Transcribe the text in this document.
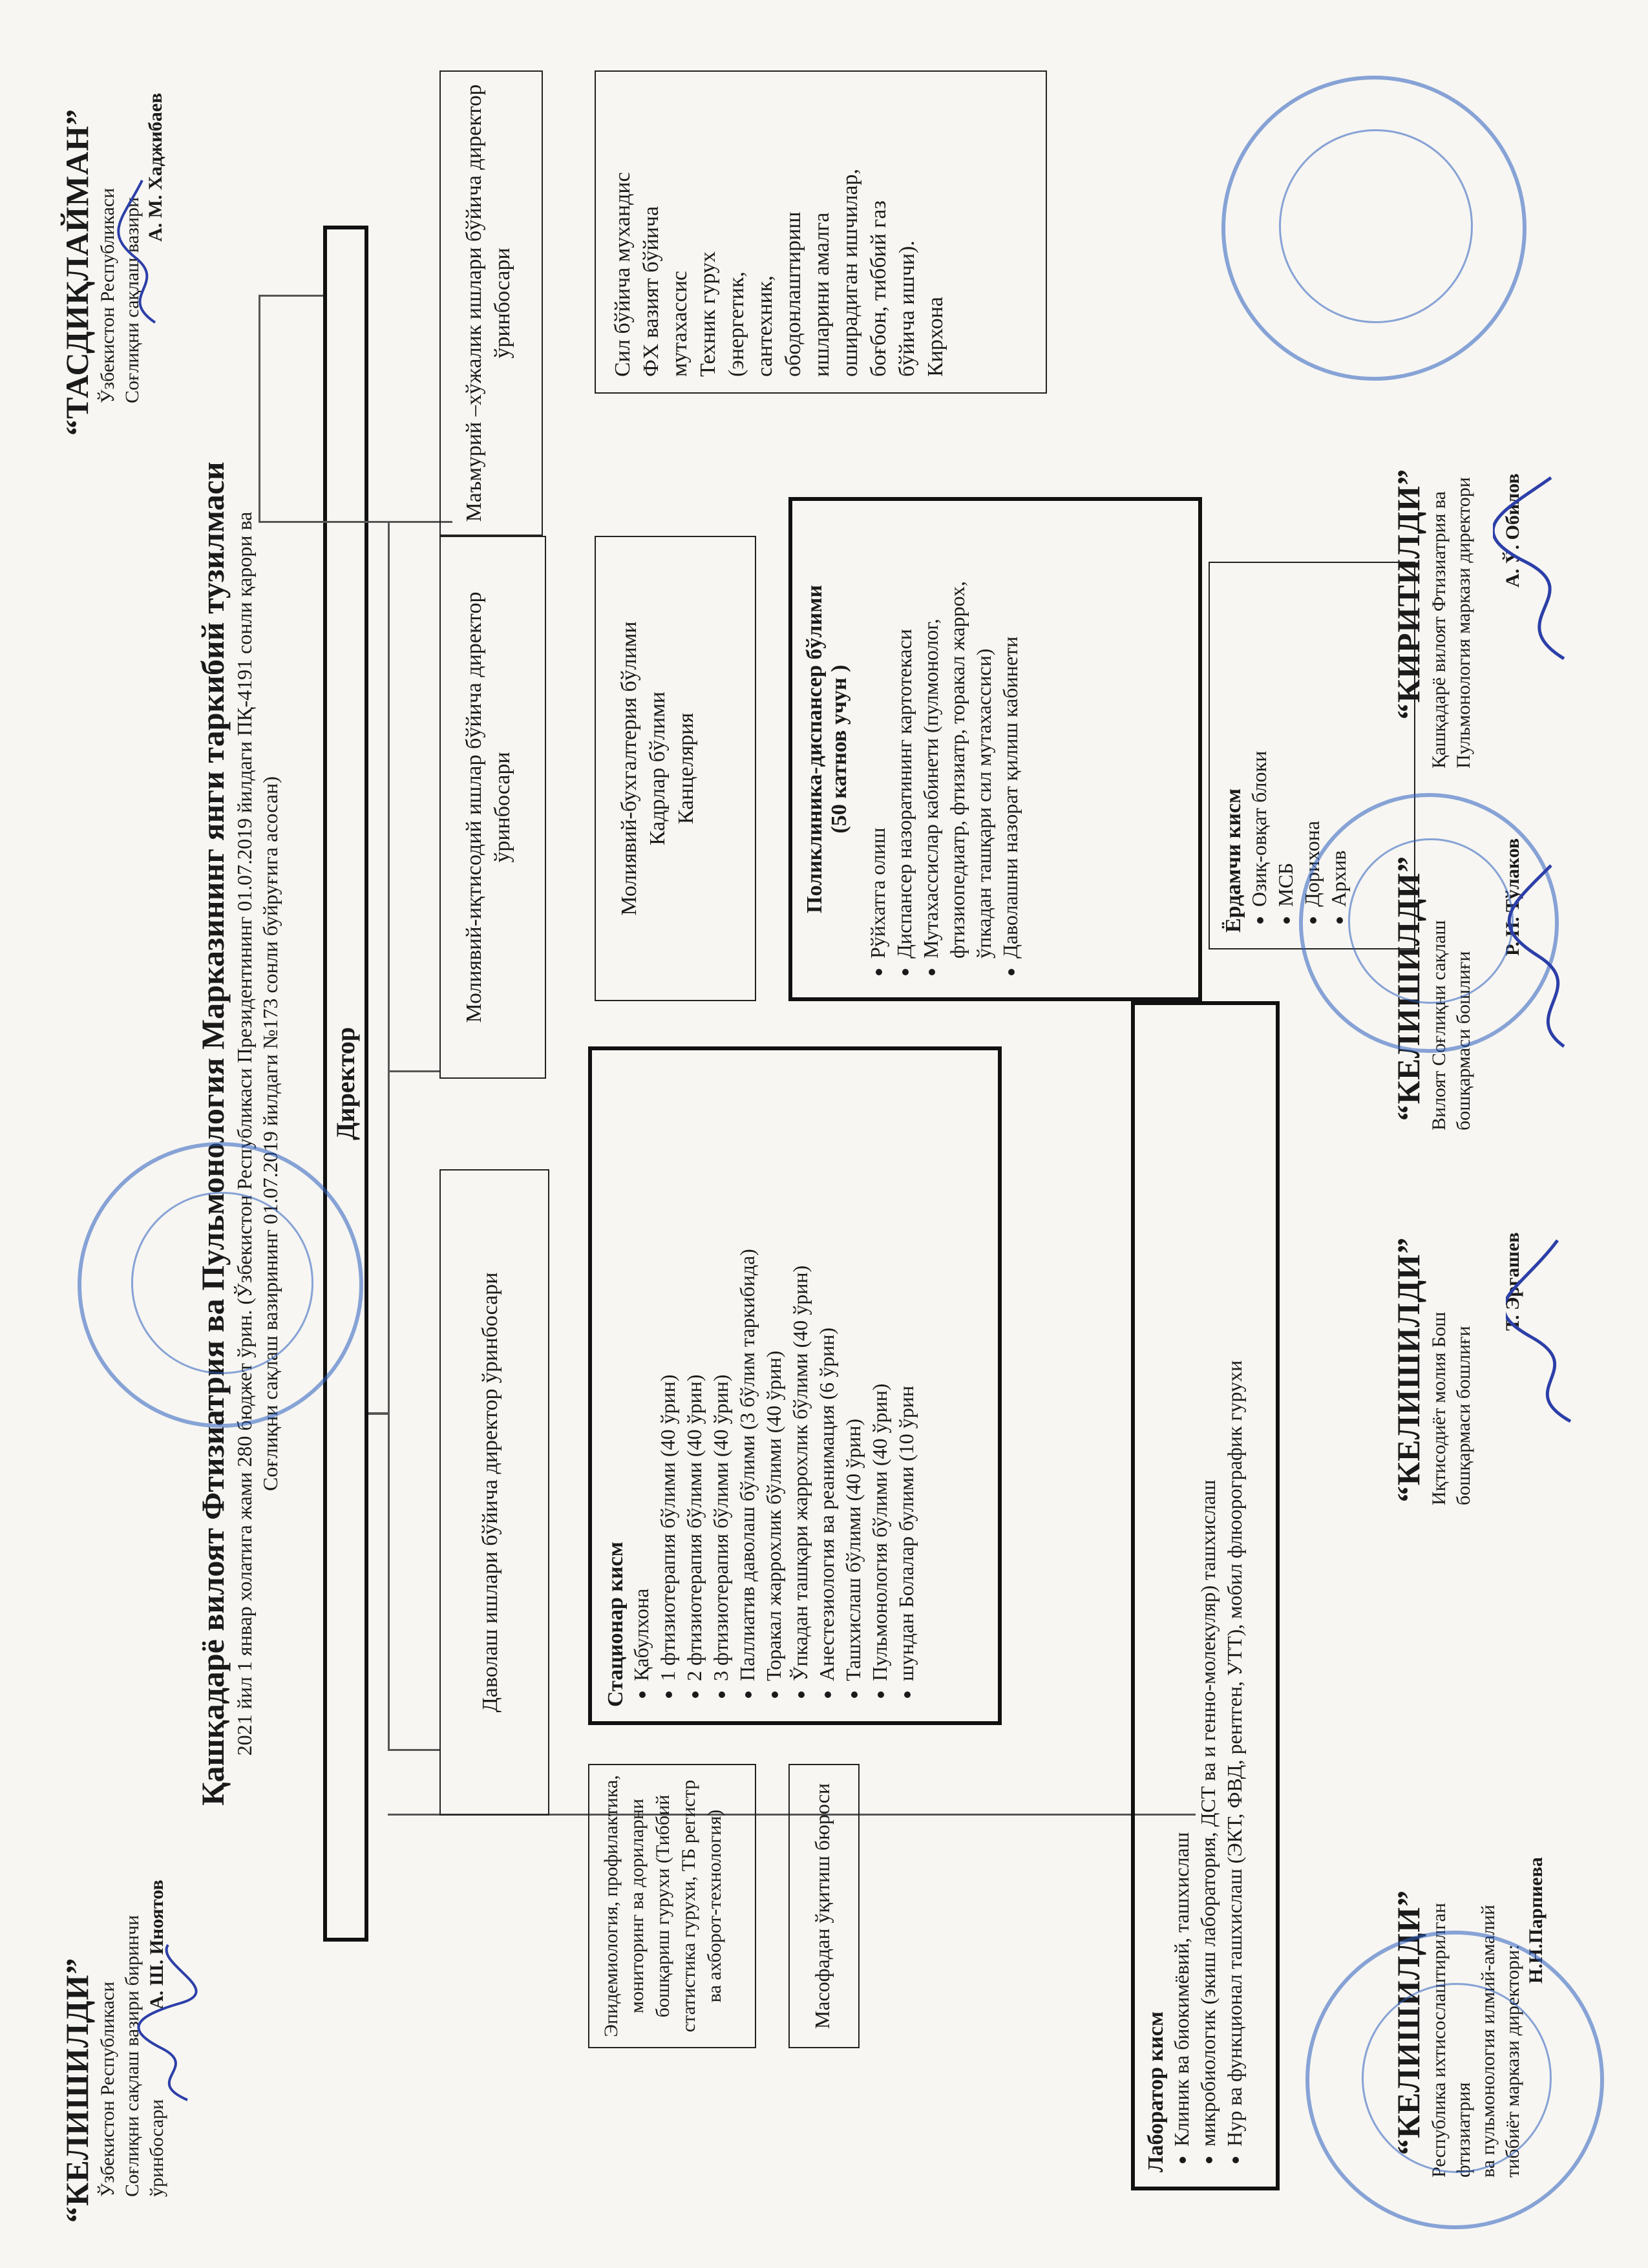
“КЕЛИШИЛДИ” Ўзбекистон Республикаси Соғлиқни сақлаш вазири биринчи ўринбосари
А. Ш. Иноятов
“ТАСДИҚЛАЙМАН” Ўзбекистон Республикаси Соғлиқни сақлаш вазири
А. М. Хаджибаев
Қашқадарё вилоят Фтизиатрия ва Пульмонология Марказининг янги таркибий тузилмаси 2021 йил 1 январ холатига жами 280 бюджет ўрин. (Ўзбекистон Республикаси Президентининг 01.07.2019 йилдаги ПҚ-4191 сонли қарори ва Соғлиқни сақлаш вазирининг 01.07.2019 йилдаги №173 сонли буйруғига асосан)	Директор
Даволаш ишлари бўйича директор ўринбосари
Молиявий-иқтисодий ишлар бўйича директор ўринбосари
Маъмурий –хўжалик ишлари бўйича директор ўринбосари
Эпидемиология, профилактика, мониторинг ва дориларни бошқариш гурухи (Тиббий статистика гурухи, ТБ регистр ва ахборот-технология)	Масофадан ўқитиш бюроси
Стационар кисм • Қабулхона • 1 фтизиотерапия бўлими (40 ўрин) • 2 фтизиотерапия бўлими (40 ўрин) • 3 фтизиотерапия бўлими (40 ўрин) • Паллиатив даволаш бўлими (3 бўлим таркибида) • Торакал жаррохлик бўлими (40 ўрин) • Ўпкадан ташқари жаррохлик бўлими (40 ўрин) • Анестезиология ва реанимация (6 ўрин) • Ташхислаш бўлими (40 ўрин) • Пульмонология бўлими (40 ўрин) • шундан Болалар булими (10 ўрин
Молиявий-бухгалтерия бўлими Кадрлар бўлими Канцелярия	Поликлиника-диспансер бўлими (50 катнов учун )
• Рўйхатга олиш • Диспансер назоратининг картотекаси • Мутахассислар кабинети (пулмонолог, фтизиопедиатр, фтизиатр, торакал жаррох, ўпкадан ташқари сил мутахассиси) • Даволашни назорат қилиш кабинети
Сил бўйича мухандис ФХ вазият бўйича мутахассис Техник гурух (энергетик, сантехник, ободонлаштириш ишларини амалга оширадиган ишчилар, боғбон, тиббий газ бўйича ишчи). Кирхона
Ёрдамчи кисм • Озиқ-овқат блоки • МСБ • Дорихона • Архив
Лаборатор кисм • Клиник ва биокимёвий, ташхислаш • микробиологик (экиш лаборатория, ДСТ ва и генно-молекуляр) ташхислаш • Нур ва функционал ташхислаш (ЭКТ, ФВД, рентген, УТТ), мобил флюорографик гурухи	“КЕЛИШИЛДИ” Республика ихтисослаштирилган фтизиатрия ва пульмонология илмий-амалий тиббиёт маркази директори:
Н.Н.Парпиева
“КЕЛИШИЛДИ” Иқтисодиёт молия Бош бошқармаси бошлиғи
Т. Эргашев
“КЕЛИШИЛДИ” Вилоят Соғлиқни сақлаш бошқармаси бошлиғи
Р. Н. Тўлаков
“КИРИТИЛДИ” Қашқадарё вилоят Фтизиатрия ва Пульмонология маркази директори А. Ў. Обилов
